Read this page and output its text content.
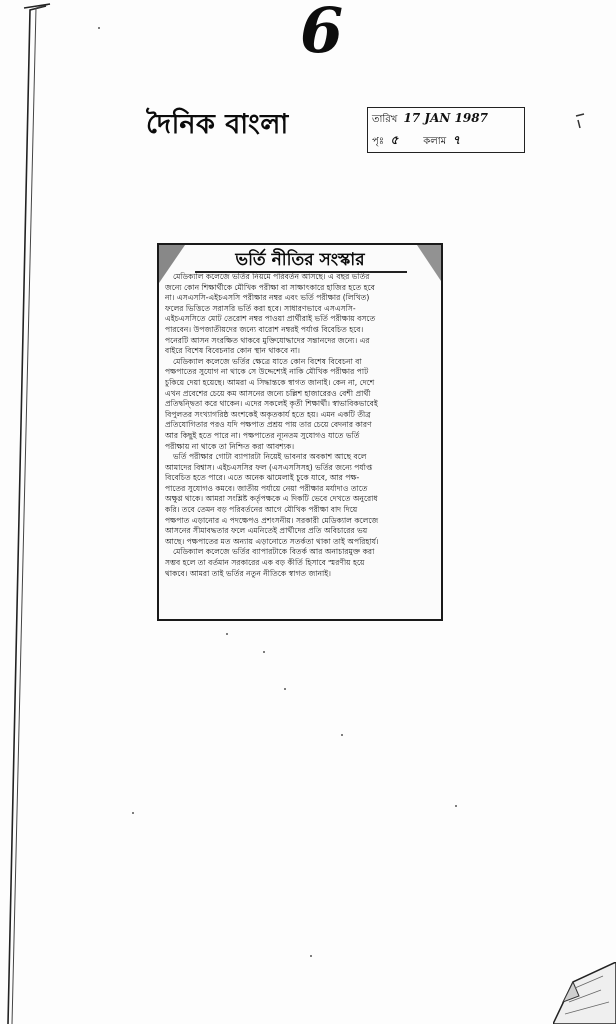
6
দৈনিক বাংলা	তারিখ 17 JAN 1987
পৃঃ ৫	কলাম ৭
ভর্তি নীতির সংস্কার
মেডিক্যাল কলেজে ভর্তির নিয়মে পরিবর্তন আসছে। এ বছর ভর্তির
জন্যে কোন শিক্ষার্থীকে মৌখিক পরীক্ষা বা সাক্ষাৎকারে হাজির হতে হবে
না। এসএসসি-এইচএসসি পরীক্ষার নম্বর এবং ভর্তি পরীক্ষার (লিখিত)
ফলের ভিত্তিতে সরাসরি ভর্তি করা হবে। সাধারণভাবে এসএসসি-
এইচএসসিতে মোট তেরোশ নম্বর পাওয়া প্রার্থীরাই ভর্তি পরীক্ষায় বসতে
পারবেন। উপজাতীয়দের জন্যে বারোশ নম্বরই পর্যাপ্ত বিবেচিত হবে।
পনেরটি আসন সংরক্ষিত থাকবে মুক্তিযোদ্ধাদের সন্তানদের জন্যে। এর
বাইরে বিশেষ বিবেচনার কোন স্থান থাকবে না।
মেডিক্যাল কলেজে ভর্তির ক্ষেত্রে যাতে কোন বিশেষ বিবেচনা বা
পক্ষপাতের সুযোগ না থাকে সে উদ্দেশ্যেই নাকি মৌখিক পরীক্ষার পাট
চুকিয়ে দেয়া হয়েছে। আমরা এ সিদ্ধান্তকে স্বাগত জানাই। কেন না, দেশে
এখন প্রবেশের চেয়ে কম আসনের জন্যে চল্লিশ হাজারেরও বেশী প্রার্থী
প্রতিদ্বন্দ্বিতা করে থাকেন। এদের সকলেই কৃতী শিক্ষার্থী। স্বাভাবিকভাবেই
বিপুলতর সংখ্যাগরিষ্ঠ অংশকেই অকৃতকার্য হতে হয়। এমন একটি তীব্র
প্রতিযোগিতার পরও যদি পক্ষপাত প্রশ্রয় পায় তার চেয়ে বেদনার কারণ
আর কিছুই হতে পারে না। পক্ষপাতের ন্যূনতম সুযোগও যাতে ভর্তি
পরীক্ষায় না থাকে তা নিশ্চিত করা আবশ্যক।
ভর্তি পরীক্ষার গোটা ব্যাপারটা নিয়েই ভাবনার অবকাশ আছে বলে
আমাদের বিশ্বাস। এইচএসসির ফল (এসএসসিসহ) ভর্তির জন্যে পর্যাপ্ত
বিবেচিত হতে পারে। এতে অনেক ঝামেলাই চুকে যাবে, আর পক্ষ-
পাতের সুযোগও কমবে। জাতীয় পর্যায়ে নেয়া পরীক্ষার মর্যাদাও তাতে
অক্ষুণ্ণ থাকে। আমরা সংশ্লিষ্ট কর্তৃপক্ষকে এ দিকটি ভেবে দেখতে অনুরোধ
করি। তবে তেমন বড় পরিবর্তনের আগে মৌখিক পরীক্ষা বাদ দিয়ে
পক্ষপাত এড়ানোর এ পদক্ষেপও প্রশংসনীয়। সরকারী মেডিক্যাল কলেজে
আসনের সীমাবদ্ধতার ফলে এমনিতেই প্রার্থীদের প্রতি অবিচারের ভয়
আছে। পক্ষপাতের মত অন্যায় এড়ানোতে সতর্কতা থাকা তাই অপরিহার্য।
মেডিক্যাল কলেজে ভর্তির ব্যাপারটাকে বিতর্ক আর অনাচারমুক্ত করা
সম্ভব হলে তা বর্তমান সরকারের এক বড় কীর্তি হিসাবে স্মরণীয় হয়ে
থাকবে। আমরা তাই ভর্তির নতুন নীতিকে স্বাগত জানাই।
